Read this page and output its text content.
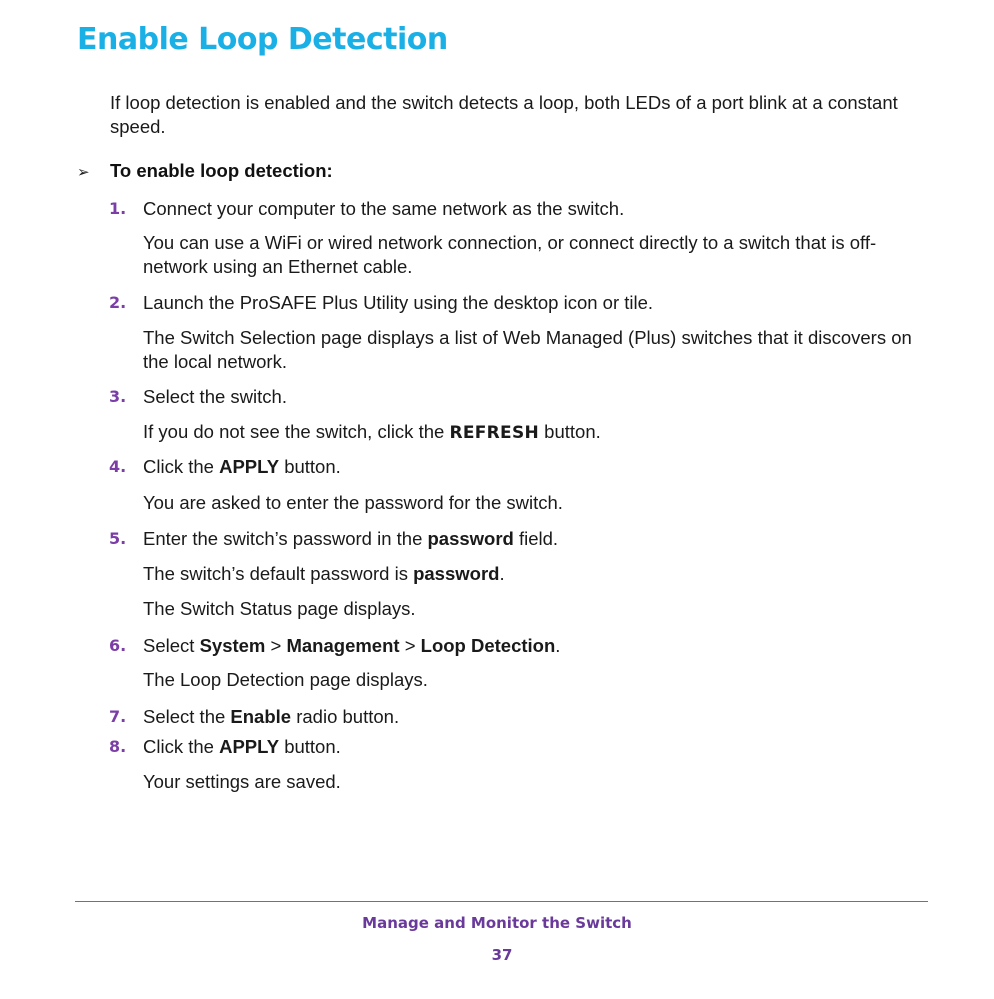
Enable Loop Detection

If loop detection is enabled and the switch detects a loop, both LEDs of a port blink at a constant speed.

➢ To enable loop detection:

1. Connect your computer to the same network as the switch.

You can use a WiFi or wired network connection, or connect directly to a switch that is off-network using an Ethernet cable.

2. Launch the ProSAFE Plus Utility using the desktop icon or tile.

The Switch Selection page displays a list of Web Managed (Plus) switches that it discovers on the local network.

3. Select the switch.

If you do not see the switch, click the REFRESH button.

4. Click the APPLY button.

You are asked to enter the password for the switch.

5. Enter the switch’s password in the password field.

The switch’s default password is password.

The Switch Status page displays.

6. Select System > Management > Loop Detection.

The Loop Detection page displays.

7. Select the Enable radio button.

8. Click the APPLY button.

Your settings are saved.

Manage and Monitor the Switch
37
